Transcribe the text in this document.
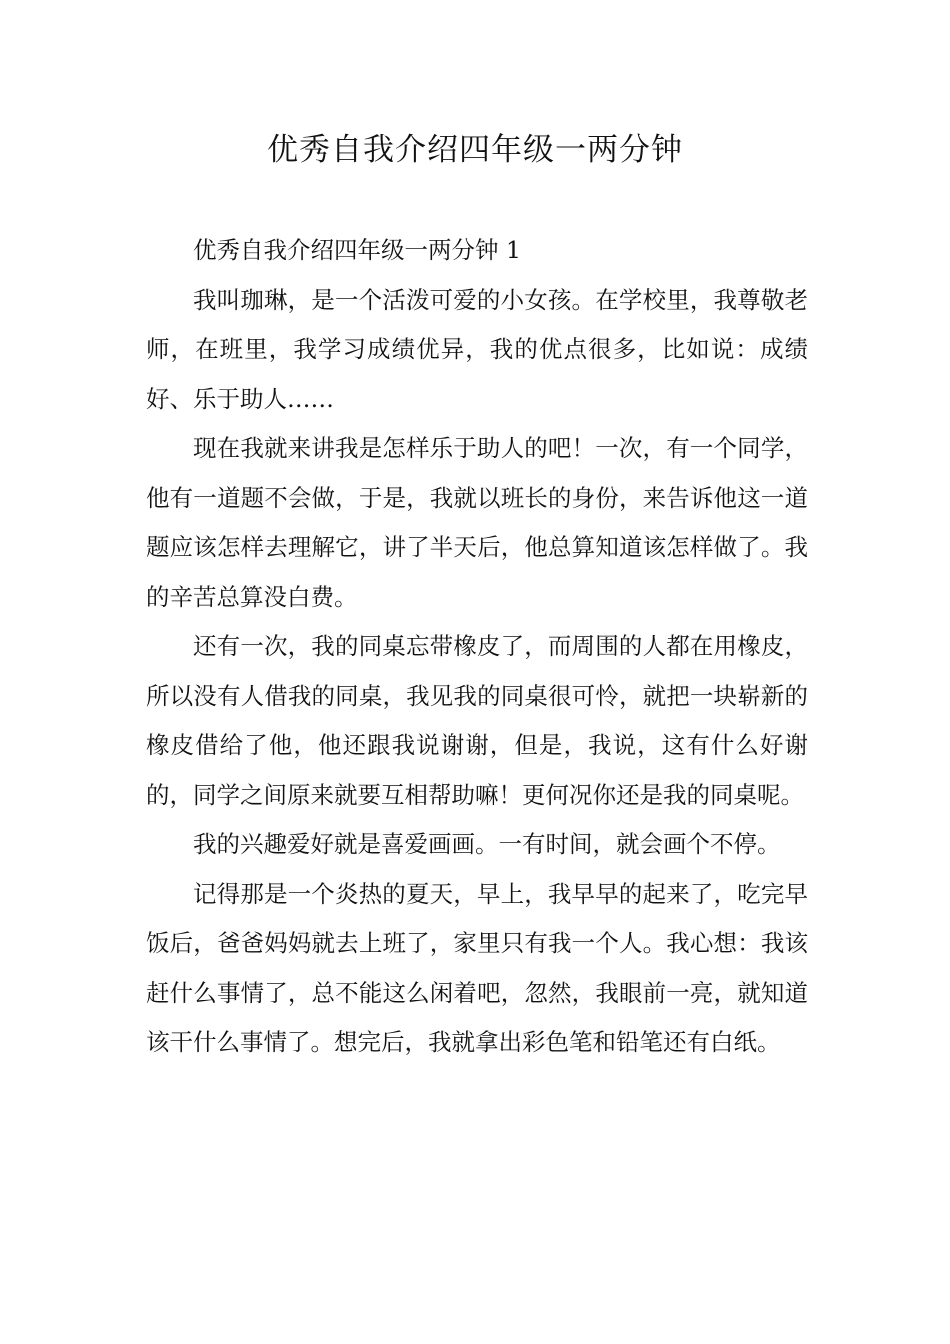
优秀自我介绍四年级一两分钟

优秀自我介绍四年级一两分钟 1

我叫珈琳，是一个活泼可爱的小女孩。在学校里，我尊敬老师，在班里，我学习成绩优异，我的优点很多，比如说：成绩好、乐于助人……

现在我就来讲我是怎样乐于助人的吧！一次，有一个同学，他有一道题不会做，于是，我就以班长的身份，来告诉他这一道题应该怎样去理解它，讲了半天后，他总算知道该怎样做了。我的辛苦总算没白费。

还有一次，我的同桌忘带橡皮了，而周围的人都在用橡皮，所以没有人借我的同桌，我见我的同桌很可怜，就把一块崭新的橡皮借给了他，他还跟我说谢谢，但是，我说，这有什么好谢的，同学之间原来就要互相帮助嘛！更何况你还是我的同桌呢。

我的兴趣爱好就是喜爱画画。一有时间，就会画个不停。

记得那是一个炎热的夏天，早上，我早早的起来了，吃完早饭后，爸爸妈妈就去上班了，家里只有我一个人。我心想：我该赶什么事情了，总不能这么闲着吧，忽然，我眼前一亮，就知道该干什么事情了。想完后，我就拿出彩色笔和铅笔还有白纸。
